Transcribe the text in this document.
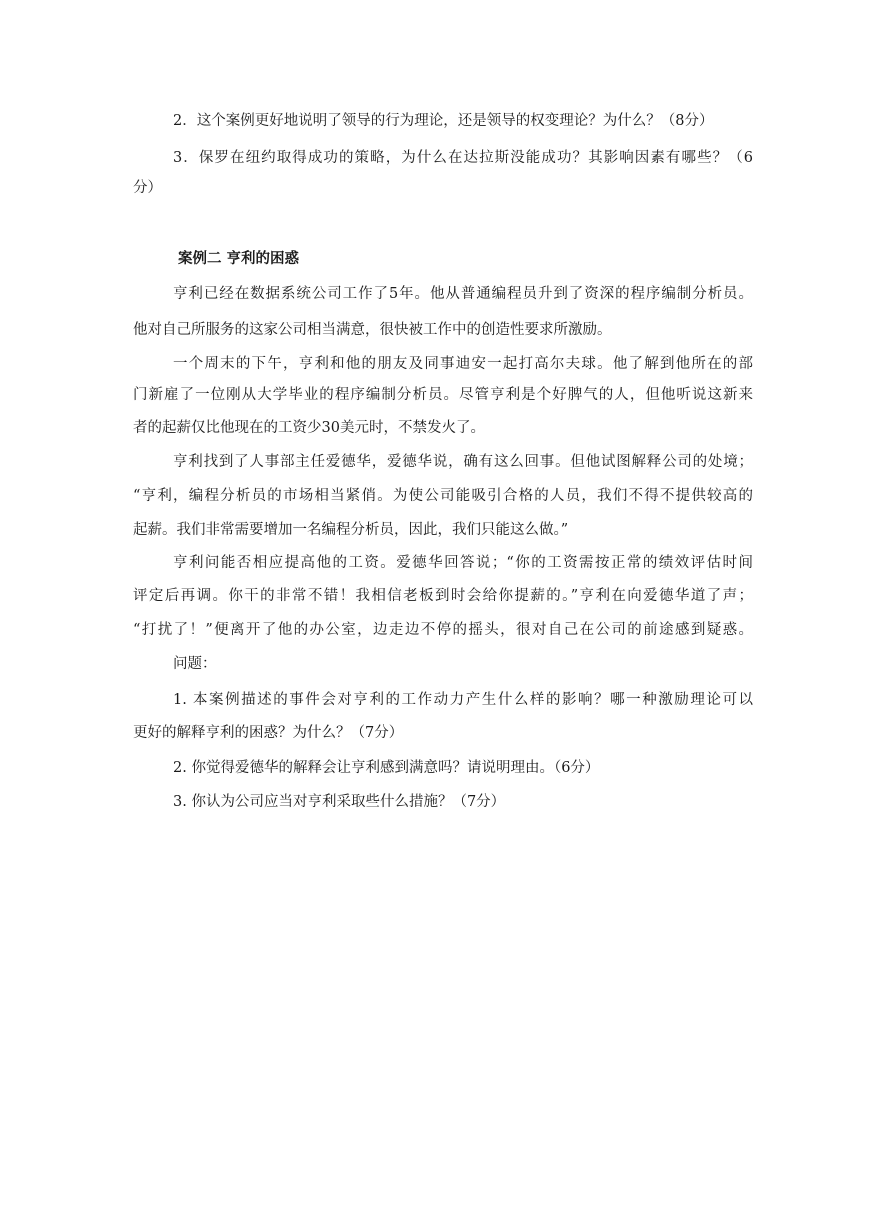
2．这个案例更好地说明了领导的行为理论，还是领导的权变理论？为什么？（8分）
3．保罗在纽约取得成功的策略，为什么在达拉斯没能成功？其影响因素有哪些？（6
分）
案例二 亨利的困惑
亨利已经在数据系统公司工作了5年。他从普通编程员升到了资深的程序编制分析员。
他对自己所服务的这家公司相当满意，很快被工作中的创造性要求所激励。
一个周末的下午，亨利和他的朋友及同事迪安一起打高尔夫球。他了解到他所在的部
门新雇了一位刚从大学毕业的程序编制分析员。尽管亨利是个好脾气的人，但他听说这新来
者的起薪仅比他现在的工资少30美元时，不禁发火了。
亨利找到了人事部主任爱德华，爱德华说，确有这么回事。但他试图解释公司的处境；
“亨利，编程分析员的市场相当紧俏。为使公司能吸引合格的人员，我们不得不提供较高的
起薪。我们非常需要增加一名编程分析员，因此，我们只能这么做。”
亨利问能否相应提高他的工资。爱德华回答说；“你的工资需按正常的绩效评估时间
评定后再调。你干的非常不错！我相信老板到时会给你提薪的。”亨利在向爱德华道了声；
“打扰了！”便离开了他的办公室，边走边不停的摇头，很对自己在公司的前途感到疑惑。
问题：
1. 本案例描述的事件会对亨利的工作动力产生什么样的影响？哪一种激励理论可以
更好的解释亨利的困惑？为什么？（7分）
2. 你觉得爱德华的解释会让亨利感到满意吗？请说明理由。（6分）
3. 你认为公司应当对亨利采取些什么措施？（7分）
